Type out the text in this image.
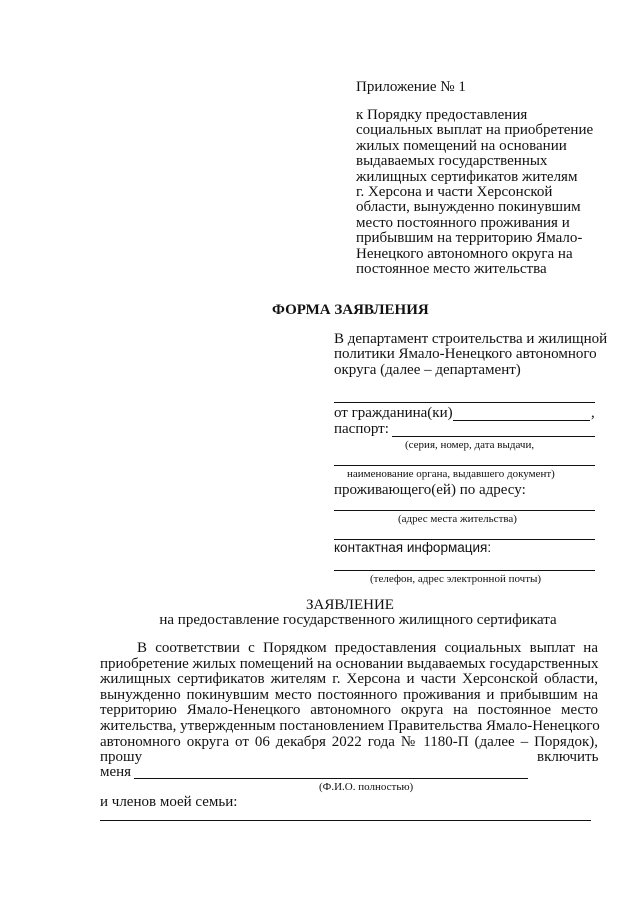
Приложение № 1
к Порядку предоставления
социальных выплат на приобретение
жилых помещений на основании
выдаваемых государственных
жилищных сертификатов жителям
г. Херсона и части Херсонской
области, вынужденно покинувшим
место постоянного проживания и
прибывшим на территорию Ямало-
Ненецкого автономного округа на
постоянное место жительства
ФОРМА ЗАЯВЛЕНИЯ
В департамент строительства и жилищной
политики Ямало-Ненецкого автономного
округа (далее – департамент)
от гражданина(ки)	,
паспорт:
(серия, номер, дата выдачи,
наименование органа, выдавшего документ)
проживающего(ей) по адресу:
(адрес места жительства)
контактная информация:
(телефон, адрес электронной почты)
ЗАЯВЛЕНИЕ
на предоставление государственного жилищного сертификата
В соответствии с Порядком предоставления социальных выплат на
приобретение жилых помещений на основании выдаваемых государственных
жилищных сертификатов жителям г. Херсона и части Херсонской области,
вынужденно покинувшим место постоянного проживания и прибывшим на
территорию Ямало-Ненецкого автономного округа на постоянное место
жительства, утвержденным постановлением Правительства Ямало-Ненецкого
автономного округа от 06 декабря 2022 года № 1180-П (далее – Порядок),
прошу	включить
меня
(Ф.И.О. полностью)
и членов моей семьи:
